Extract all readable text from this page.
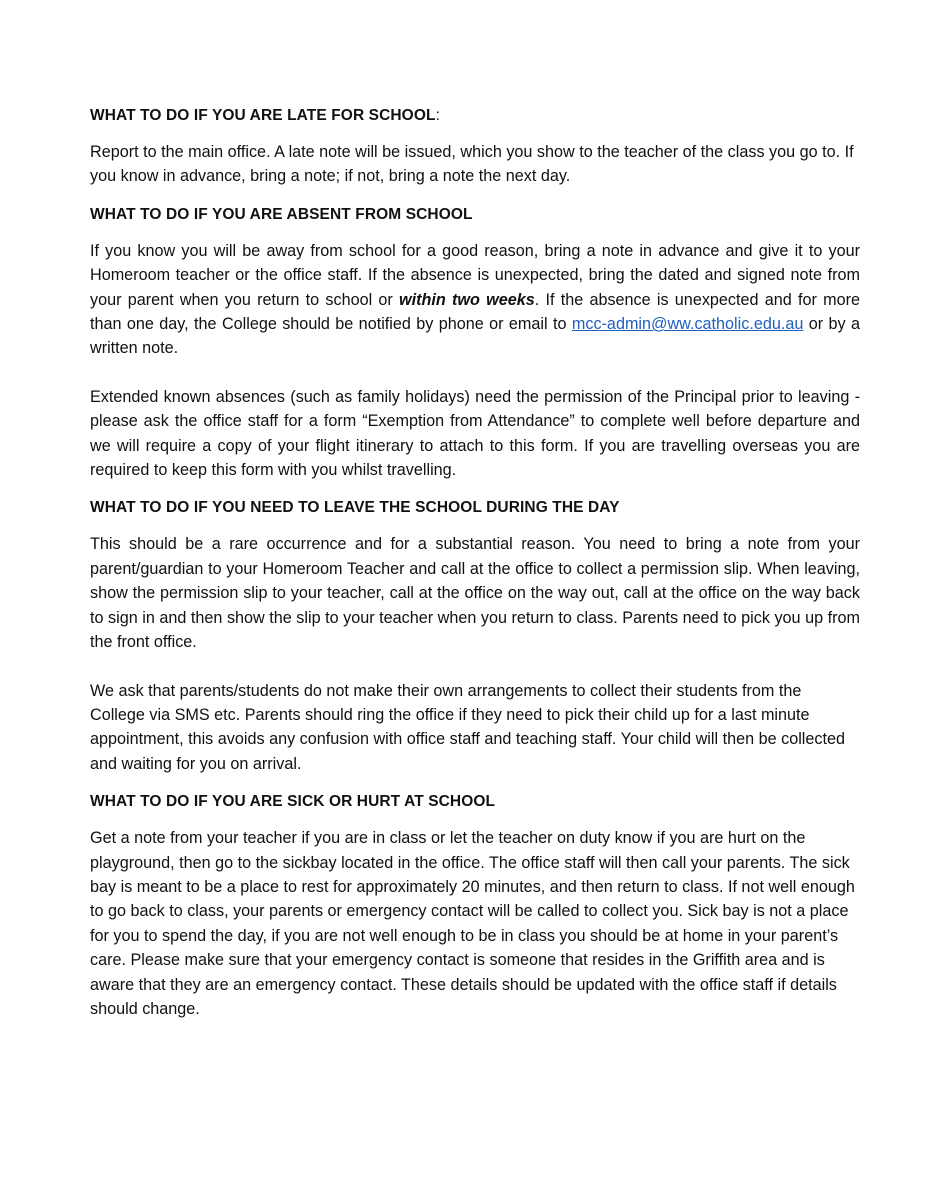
WHAT TO DO IF YOU ARE LATE FOR SCHOOL:

Report to the main office. A late note will be issued, which you show to the teacher of the class you go to. If you know in advance, bring a note; if not, bring a note the next day.

WHAT TO DO IF YOU ARE ABSENT FROM SCHOOL

If you know you will be away from school for a good reason, bring a note in advance and give it to your Homeroom teacher or the office staff. If the absence is unexpected, bring the dated and signed note from your parent when you return to school or within two weeks. If the absence is unexpected and for more than one day, the College should be notified by phone or email to mcc-admin@ww.catholic.edu.au or by a written note.

Extended known absences (such as family holidays) need the permission of the Principal prior to leaving - please ask the office staff for a form “Exemption from Attendance” to complete well before departure and we will require a copy of your flight itinerary to attach to this form. If you are travelling overseas you are required to keep this form with you whilst travelling.

WHAT TO DO IF YOU NEED TO LEAVE THE SCHOOL DURING THE DAY

This should be a rare occurrence and for a substantial reason. You need to bring a note from your parent/guardian to your Homeroom Teacher and call at the office to collect a permission slip. When leaving, show the permission slip to your teacher, call at the office on the way out, call at the office on the way back to sign in and then show the slip to your teacher when you return to class. Parents need to pick you up from the front office.

We ask that parents/students do not make their own arrangements to collect their students from the College via SMS etc. Parents should ring the office if they need to pick their child up for a last minute appointment, this avoids any confusion with office staff and teaching staff. Your child will then be collected and waiting for you on arrival.

WHAT TO DO IF YOU ARE SICK OR HURT AT SCHOOL

Get a note from your teacher if you are in class or let the teacher on duty know if you are hurt on the playground, then go to the sickbay located in the office. The office staff will then call your parents. The sick bay is meant to be a place to rest for approximately 20 minutes, and then return to class. If not well enough to go back to class, your parents or emergency contact will be called to collect you. Sick bay is not a place for you to spend the day, if you are not well enough to be in class you should be at home in your parent’s care. Please make sure that your emergency contact is someone that resides in the Griffith area and is aware that they are an emergency contact. These details should be updated with the office staff if details should change.
